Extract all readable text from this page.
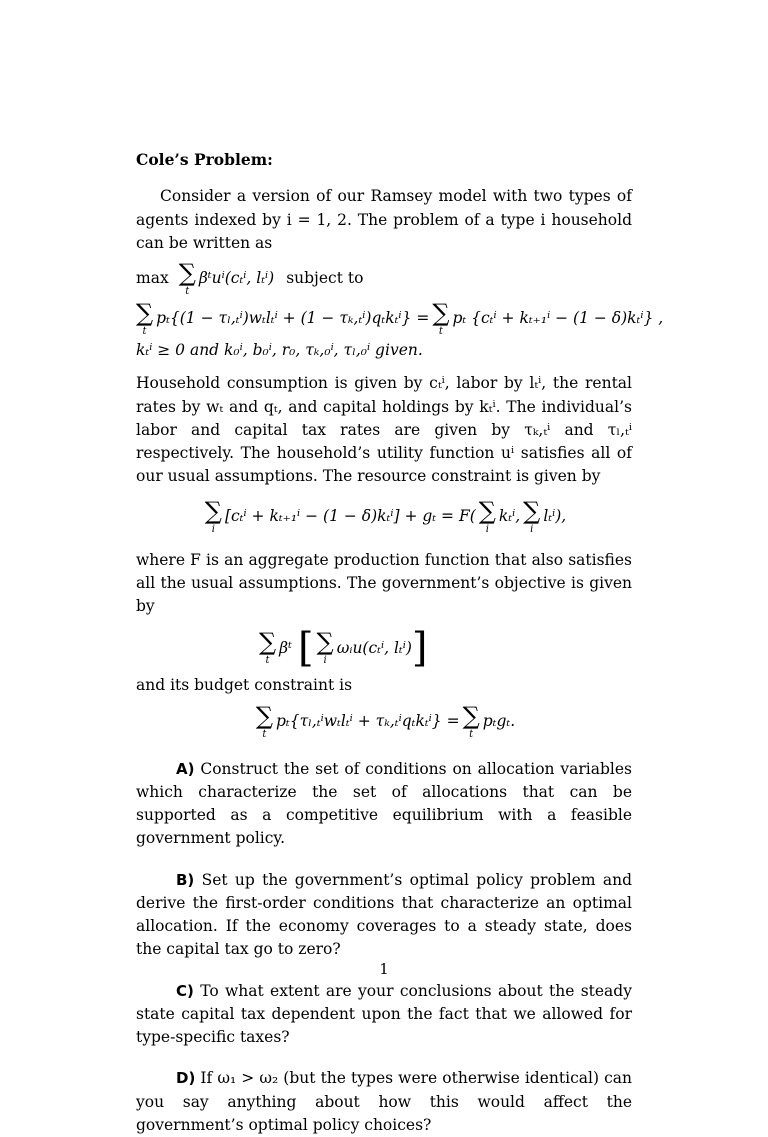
Cole’s Problem:

Consider a version of our Ramsey model with two types of agents indexed by i = 1, 2. The problem of a type i household can be written as

max ∑
t
βᵗuⁱ(cₜⁱ, lₜⁱ) subject to
∑
t
pₜ{(1 − τₗ,ₜⁱ)wₜlₜⁱ + (1 − τₖ,ₜⁱ)qₜkₜⁱ} = ∑
t
pₜ {cₜⁱ + kₜ₊₁ⁱ − (1 − δ)kₜⁱ} ,
kₜⁱ ≥ 0 and k₀ⁱ, b₀ⁱ, r₀, τₖ,₀ⁱ, τₗ,₀ⁱ given.

Household consumption is given by cₜⁱ, labor by lₜⁱ, the rental rates by wₜ and qₜ, and capital holdings by kₜⁱ. The individual’s labor and capital tax rates are given by τₖ,ₜⁱ and τₗ,ₜⁱ respectively. The household’s utility function uⁱ satisfies all of our usual assumptions. The resource constraint is given by

∑
i
[cₜⁱ + kₜ₊₁ⁱ − (1 − δ)kₜⁱ] + gₜ = F( ∑
i
kₜⁱ, ∑
i
lₜⁱ),

where F is an aggregate production function that also satisfies all the usual assumptions. The government’s objective is given by

∑
t
βᵗ [ ∑
i
ωᵢu(cₜⁱ, lₜⁱ) ]

and its budget constraint is

∑
t
pₜ{τₗ,ₜⁱwₜlₜⁱ + τₖ,ₜⁱqₜkₜⁱ} = ∑
t
pₜgₜ.

A) Construct the set of conditions on allocation variables which characterize the set of allocations that can be supported as a competitive equilibrium with a feasible government policy.

B) Set up the government’s optimal policy problem and derive the first-order conditions that characterize an optimal allocation. If the economy coverages to a steady state, does the capital tax go to zero?

C) To what extent are your conclusions about the steady state capital tax dependent upon the fact that we allowed for type-specific taxes?

D) If ω₁ > ω₂ (but the types were otherwise identical) can you say anything about how this would affect the government’s optimal policy choices?

1
